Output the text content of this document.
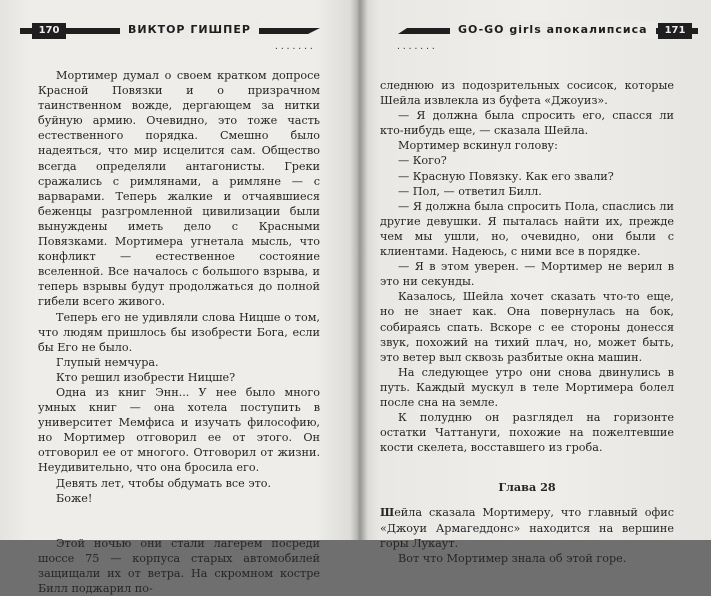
170	ВИКТОР ГИШПЕР
·······

Мортимер думал о своем кратком допросе Красной Повязки и о призрачном таинственном вожде, дергающем за нитки буйную армию. Очевидно, это тоже часть естественного порядка. Смешно было надеяться, что мир исцелится сам. Общество всегда определяли антагонисты. Греки сражались с римлянами, а римляне — с варварами. Теперь жалкие и отчаявшиеся беженцы разгромленной цивилизации были вынуждены иметь дело с Красными Повязками. Мортимера угнетала мысль, что конфликт — естественное состояние вселенной. Все началось с большого взрыва, и теперь взрывы будут продолжаться до полной гибели всего живого.

Теперь его не удивляли слова Ницше о том, что людям пришлось бы изобрести Бога, если бы Его не было.

Глупый немчура.

Кто решил изобрести Ницше?

Одна из книг Энн... У нее было много умных книг — она хотела поступить в университет Мемфиса и изучать философию, но Мортимер отговорил ее от этого. Он отговорил ее от многого. Отговорил от жизни. Неудивительно, что она бросила его.

Девять лет, чтобы обдумать все это.

Боже!

Этой ночью они стали лагерем посреди шоссе 75 — корпуса старых автомобилей защищали их от ветра. На скромном костре Билл поджарил по-

GO-GO girls апокалипсиса	171
·······

следнюю из подозрительных сосисок, которые Шейла извлекла из буфета «Джоуиз».

— Я должна была спросить его, спасся ли кто-нибудь еще, — сказала Шейла.

Мортимер вскинул голову:

— Кого?

— Красную Повязку. Как его звали?

— Пол, — ответил Билл.

— Я должна была спросить Пола, спаслись ли другие девушки. Я пыталась найти их, прежде чем мы ушли, но, очевидно, они были с клиентами. Надеюсь, с ними все в порядке.

— Я в этом уверен. — Мортимер не верил в это ни секунды.

Казалось, Шейла хочет сказать что-то еще, но не знает как. Она повернулась на бок, собираясь спать. Вскоре с ее стороны донесся звук, похожий на тихий плач, но, может быть, это ветер выл сквозь разбитые окна машин.

На следующее утро они снова двинулись в путь. Каждый мускул в теле Мортимера болел после сна на земле.

К полудню он разглядел на горизонте остатки Чаттануги, похожие на пожелтевшие кости скелета, восставшего из гроба.

Глава 28

Шейла сказала Мортимеру, что главный офис «Джоуи Армагеддонс» находится на вершине горы Лукаут.

Вот что Мортимер знала об этой горе.
